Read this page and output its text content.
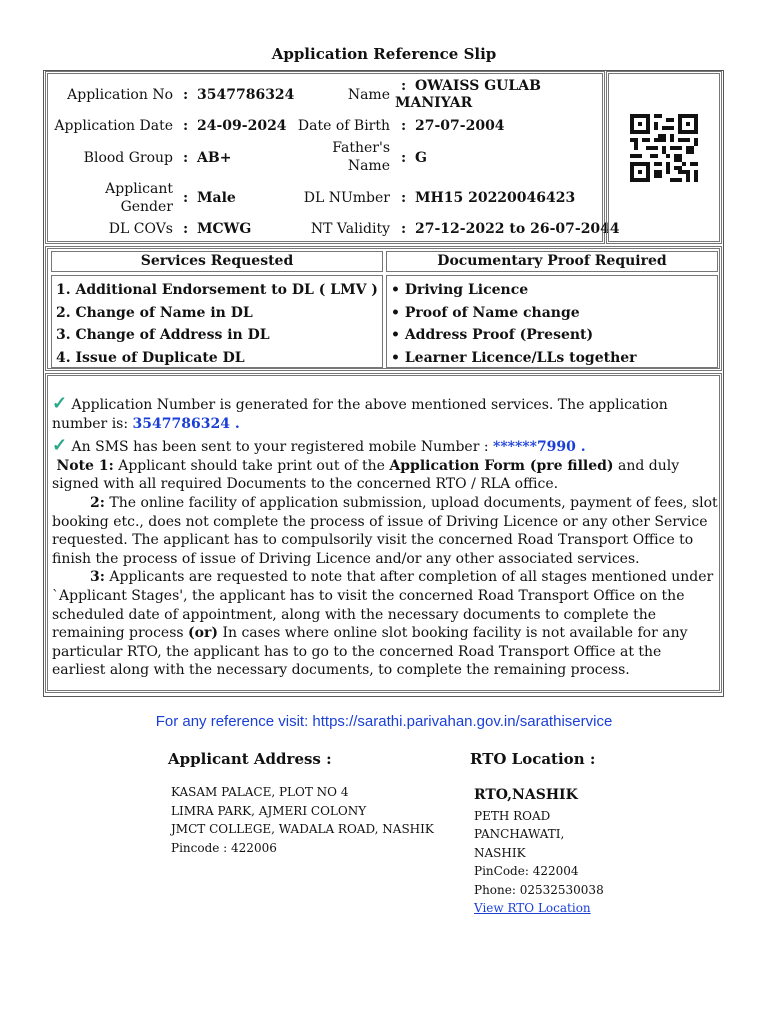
Application Reference Slip
Application No : 3547786324
Application Date : 24-09-2024
Blood Group : AB+
Applicant
Gender
: Male
DL COVs : MCWG
Name
: OWAISS GULAB
MANIYAR
Date of Birth : 27-07-2004
Father's
Name : G
DL NUmber : MH15 20220046423
NT Validity : 27-12-2022 to 26-07-2044
Services Requested	Documentary Proof Required
1. Additional Endorsement to DL ( LMV )
2. Change of Name in DL
3. Change of Address in DL
4. Issue of Duplicate DL
• Driving Licence
• Proof of Name change
• Address Proof (Present)
• Learner Licence/LLs together
✓ Application Number is generated for the above mentioned services. The application number is: 3547786324 .
✓ An SMS has been sent to your registered mobile Number : ******7990 .
Note 1: Applicant should take print out of the Application Form (pre filled) and duly signed with all required Documents to the concerned RTO / RLA office.
2: The online facility of application submission, upload documents, payment of fees, slot booking etc., does not complete the process of issue of Driving Licence or any other Service requested. The applicant has to compulsorily visit the concerned Road Transport Office to finish the process of issue of Driving Licence and/or any other associated services.
3: Applicants are requested to note that after completion of all stages mentioned under `Applicant Stages', the applicant has to visit the concerned Road Transport Office on the scheduled date of appointment, along with the necessary documents to complete the remaining process (or) In cases where online slot booking facility is not available for any particular RTO, the applicant has to go to the concerned Road Transport Office at the earliest along with the necessary documents, to complete the remaining process.
For any reference visit: https://sarathi.parivahan.gov.in/sarathiservice
Applicant Address :
KASAM PALACE, PLOT NO 4
LIMRA PARK, AJMERI COLONY
JMCT COLLEGE, WADALA ROAD, NASHIK
Pincode : 422006
RTO Location :
RTO,NASHIK
PETH ROAD
PANCHAWATI,
NASHIK
PinCode: 422004
Phone: 02532530038
View RTO Location
